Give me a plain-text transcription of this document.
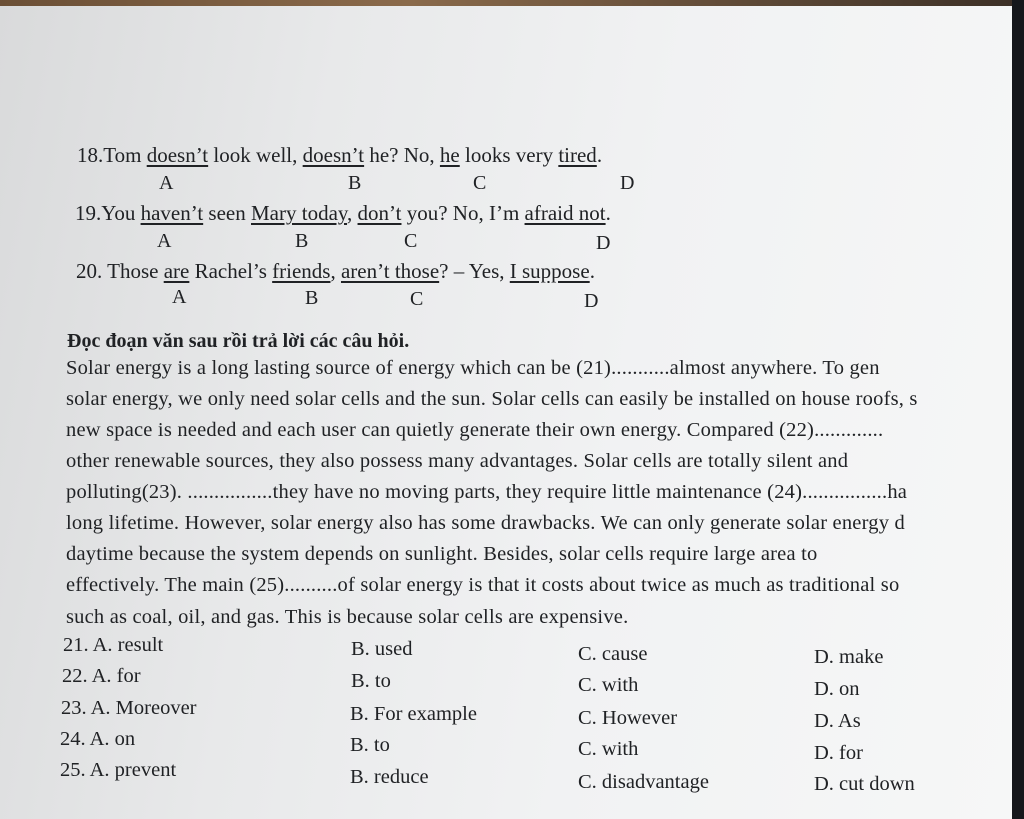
18.Tom doesn’t look well, doesn’t he? No, he looks very tired.
A	B	C	D
19.You haven’t seen Mary today, don’t you? No, I’m afraid not.
A	B	C	D
20. Those are Rachel’s friends, aren’t those? – Yes, I suppose.
A	B	C	D
Đọc đoạn văn sau rồi trả lời các câu hỏi.
Solar energy is a long lasting source of energy which can be (21)...........almost anywhere. To gen
solar energy, we only need solar cells and the sun. Solar cells can easily be installed on house roofs, s
new space is needed and each user can quietly generate their own energy. Compared (22).............
other renewable sources, they also possess many advantages. Solar cells are totally silent and
polluting(23). ................they have no moving parts, they require little maintenance (24)................ha
long lifetime. However, solar energy also has some drawbacks. We can only generate solar energy d
daytime because the system depends on sunlight. Besides, solar cells require large area to
effectively. The main (25)..........of solar energy is that it costs about twice as much as traditional so
such as coal, oil, and gas. This is because solar cells are expensive.
21. A. result	B. used	C. cause	D. make
22. A. for	B. to	C. with	D. on
23. A. Moreover	B. For example	C. However	D. As
24. A. on	B. to	C. with	D. for
25. A. prevent	B. reduce	C. disadvantage	D. cut down
